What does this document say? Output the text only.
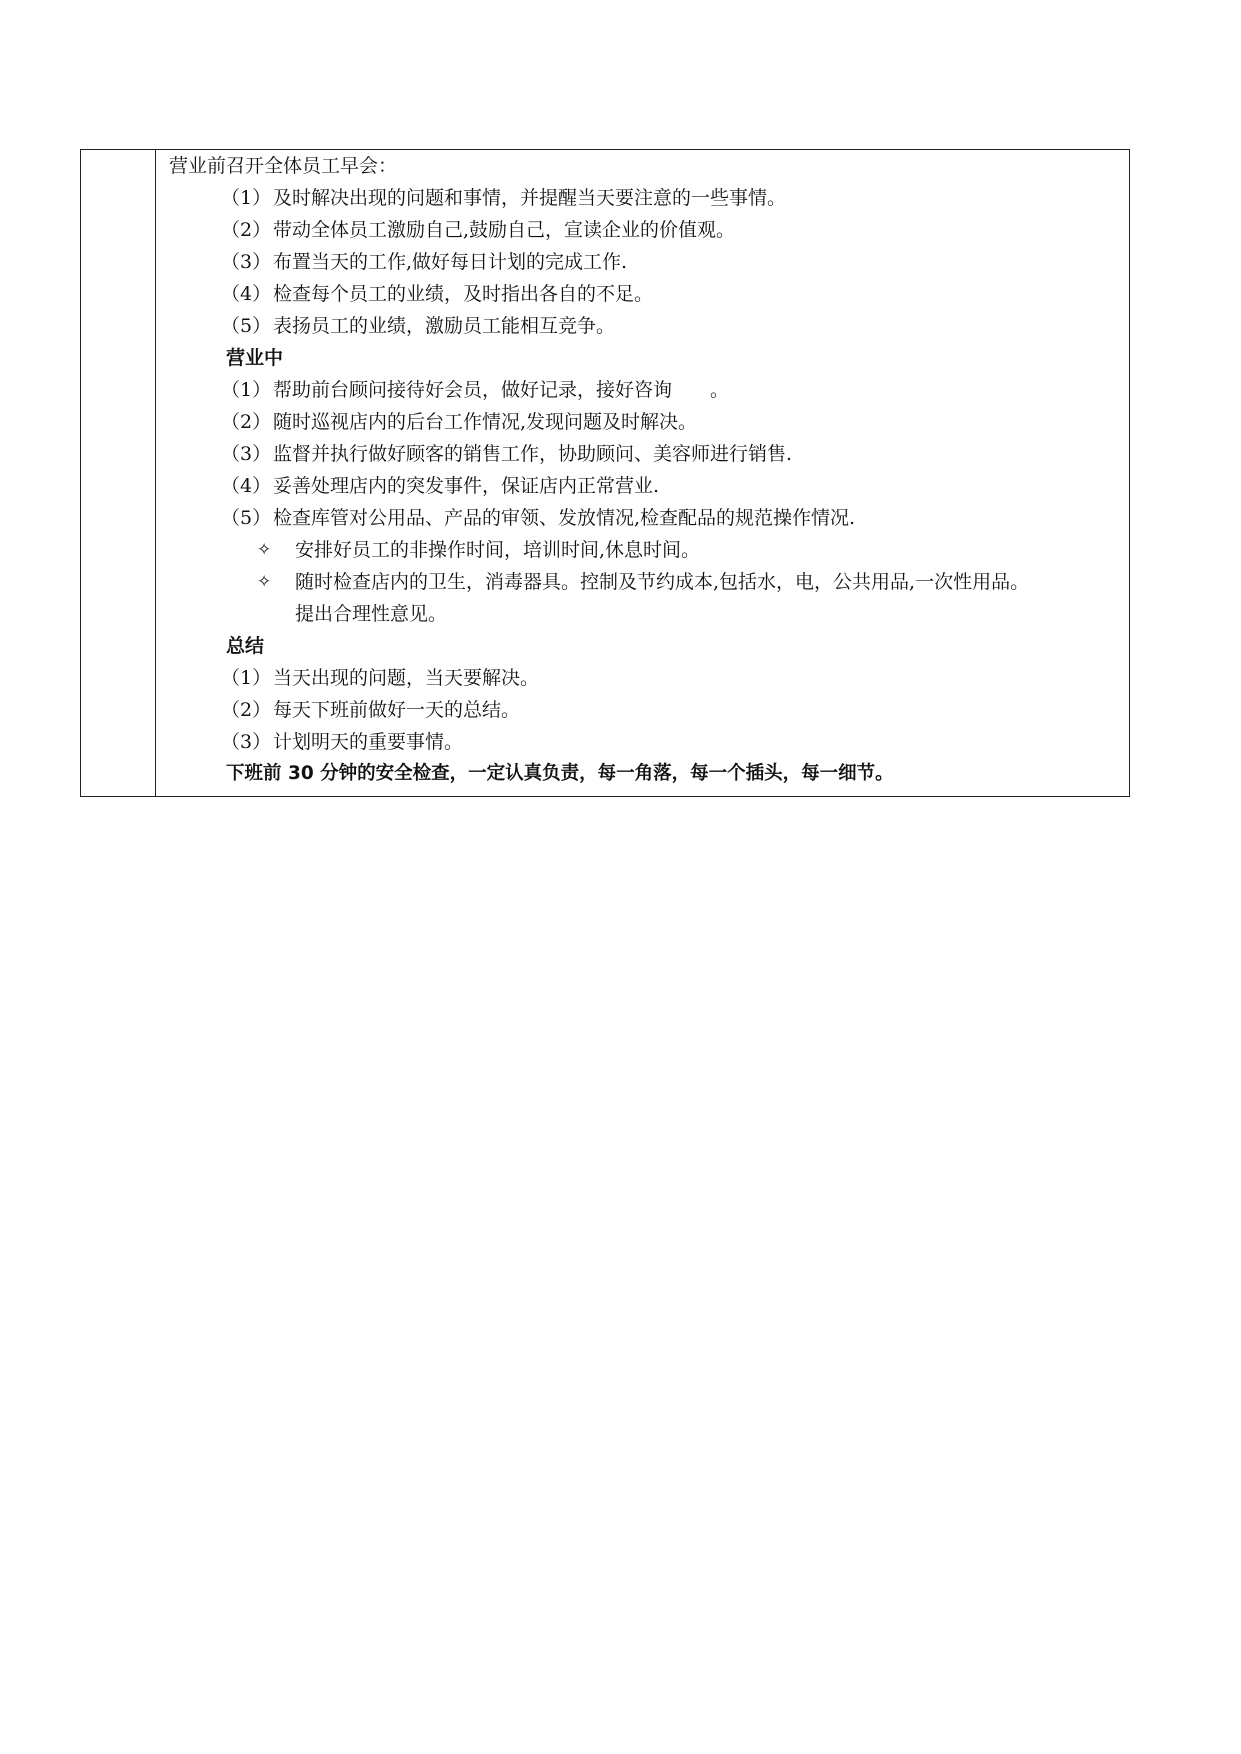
营业前召开全体员工早会：
（1） 及时解决出现的问题和事情，并提醒当天要注意的一些事情。
（2） 带动全体员工激励自己,鼓励自己，宣读企业的价值观。
（3） 布置当天的工作,做好每日计划的完成工作.
（4） 检查每个员工的业绩，及时指出各自的不足。
（5） 表扬员工的业绩，激励员工能相互竞争。
营业中
（1） 帮助前台顾问接待好会员，做好记录，接好咨询　　。
（2） 随时巡视店内的后台工作情况,发现问题及时解决。
（3） 监督并执行做好顾客的销售工作，协助顾问、美容师进行销售.
（4） 妥善处理店内的突发事件，保证店内正常营业.
（5） 检查库管对公用品、产品的审领、发放情况,检查配品的规范操作情况.
✧ 安排好员工的非操作时间，培训时间,休息时间。
✧ 随时检查店内的卫生，消毒器具。控制及节约成本,包括水，电，公共用品,一次性用品。
提出合理性意见。
总结
（1） 当天出现的问题，当天要解决。
（2） 每天下班前做好一天的总结。
（3） 计划明天的重要事情。
下班前 30 分钟的安全检查，一定认真负责，每一角落，每一个插头，每一细节。
